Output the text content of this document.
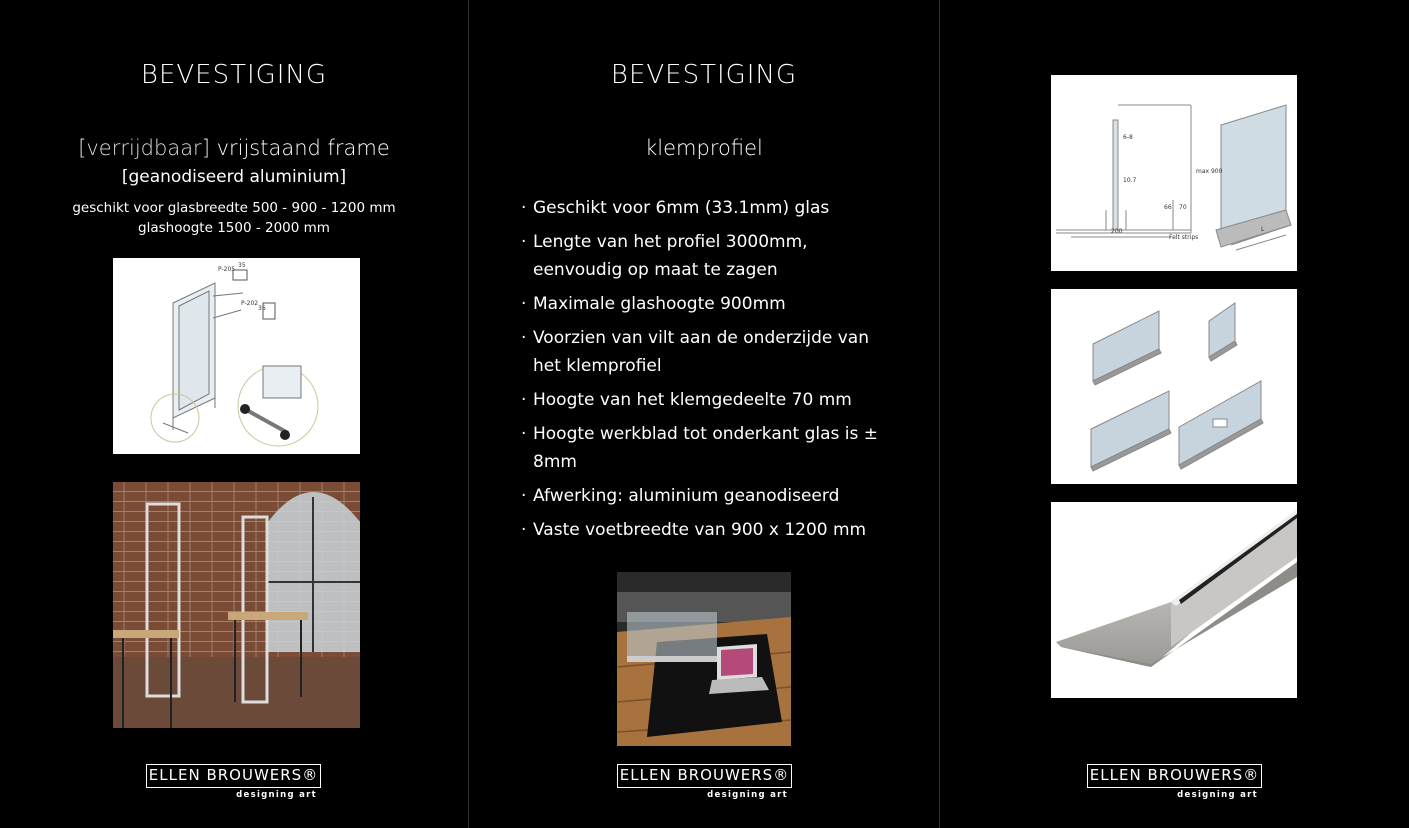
BEVESTIGING
[verrijdbaar] vrijstaand frame
[geanodiseerd aluminium]
geschikt voor glasbreedte 500 - 900 - 1200 mm
glashoogte 1500 - 2000 mm
P-205
35
P-202
36
ELLEN BROUWERS®
designing art
BEVESTIGING
klemprofiel
· Geschikt voor 6mm (33.1mm) glas
· Lengte van het profiel 3000mm, eenvoudig op maat te zagen
· Maximale glashoogte 900mm
· Voorzien van vilt aan de onderzijde van het klemprofiel
· Hoogte van het klemgedeelte 70 mm
· Hoogte werkblad tot onderkant glas is ± 8mm
· Afwerking: aluminium geanodiseerd
· Vaste voetbreedte van 900 x 1200 mm
ELLEN BROUWERS®
designing art
6-8
10.7
max 900
66 70
200
Felt strips
L
ELLEN BROUWERS®
designing art
